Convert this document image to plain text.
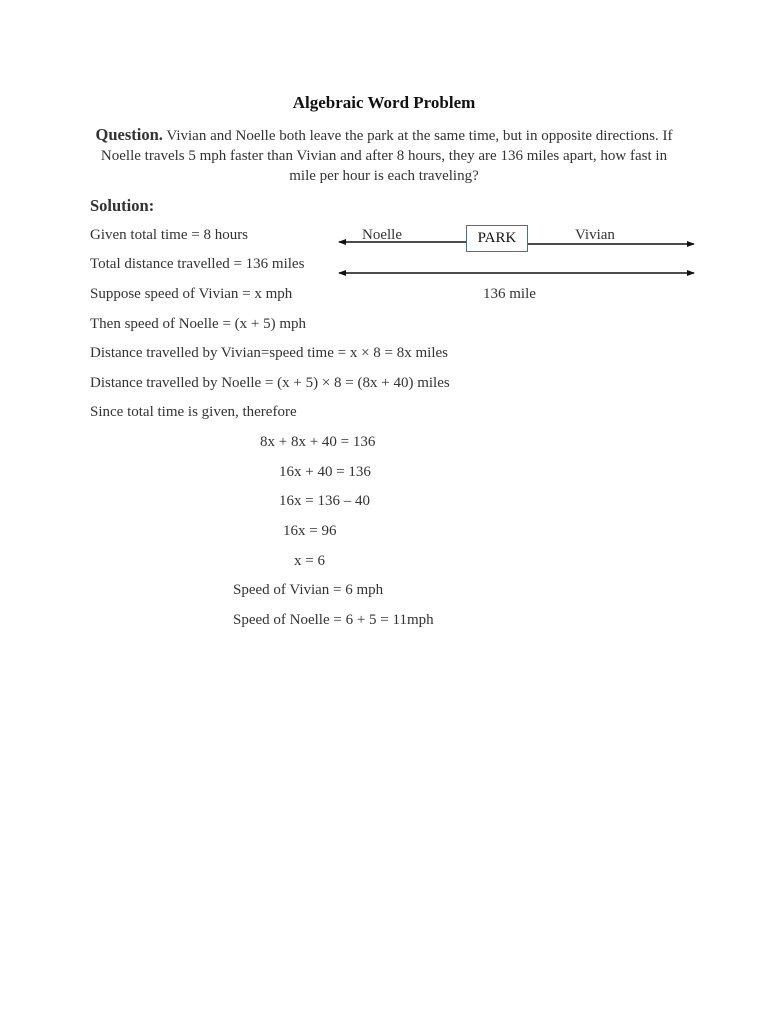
Algebraic Word Problem
Question. Vivian and Noelle both leave the park at the same time, but in opposite directions. If Noelle travels 5 mph faster than Vivian and after 8 hours, they are 136 miles apart, how fast in mile per hour is each traveling?
Solution:
Given total time = 8 hours
Total distance travelled = 136 miles
Suppose speed of Vivian = x mph
Then speed of Noelle = (x + 5) mph
Distance travelled by Vivian=speed time = x × 8 = 8x miles
Distance travelled by Noelle = (x + 5) × 8 = (8x + 40) miles
Since total time is given, therefore
8x + 8x + 40 = 136
16x + 40 = 136
16x = 136 – 40
16x = 96
x = 6
Speed of Vivian = 6 mph
Speed of Noelle = 6 + 5 = 11mph
Noelle	PARK	Vivian
136 mile
